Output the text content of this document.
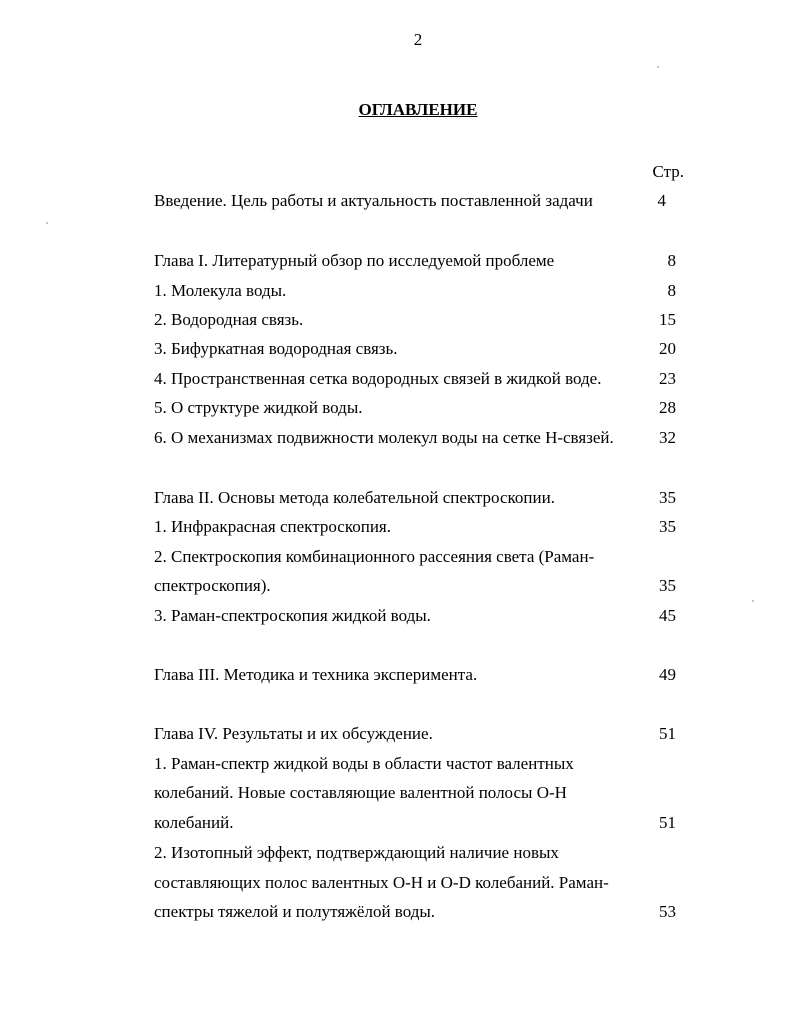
2
ОГЛАВЛЕНИЕ
Стр.
Введение. Цель работы и актуальность поставленной задачи	4
Глава I. Литературный обзор по исследуемой проблеме	8
1. Молекула воды.	8
2. Водородная связь.	15
3. Бифуркатная водородная связь.	20
4. Пространственная сетка водородных связей в жидкой воде.	23
5. О структуре жидкой воды.	28
6. О механизмах подвижности молекул воды на сетке Н-связей.	32
Глава II. Основы метода колебательной спектроскопии.	35
1. Инфракрасная спектроскопия.	35
2. Спектроскопия комбинационного рассеяния света (Раман-
спектроскопия).	35
3. Раман-спектроскопия жидкой воды.	45
Глава III. Методика и техника эксперимента.	49
Глава IV. Результаты и их обсуждение.	51
1. Раман-спектр жидкой воды в области частот валентных
колебаний. Новые составляющие валентной полосы О-Н
колебаний.	51
2. Изотопный эффект, подтверждающий наличие новых
составляющих полос валентных О-Н и О-D колебаний. Раман-
спектры тяжелой и полутяжёлой воды.	53
